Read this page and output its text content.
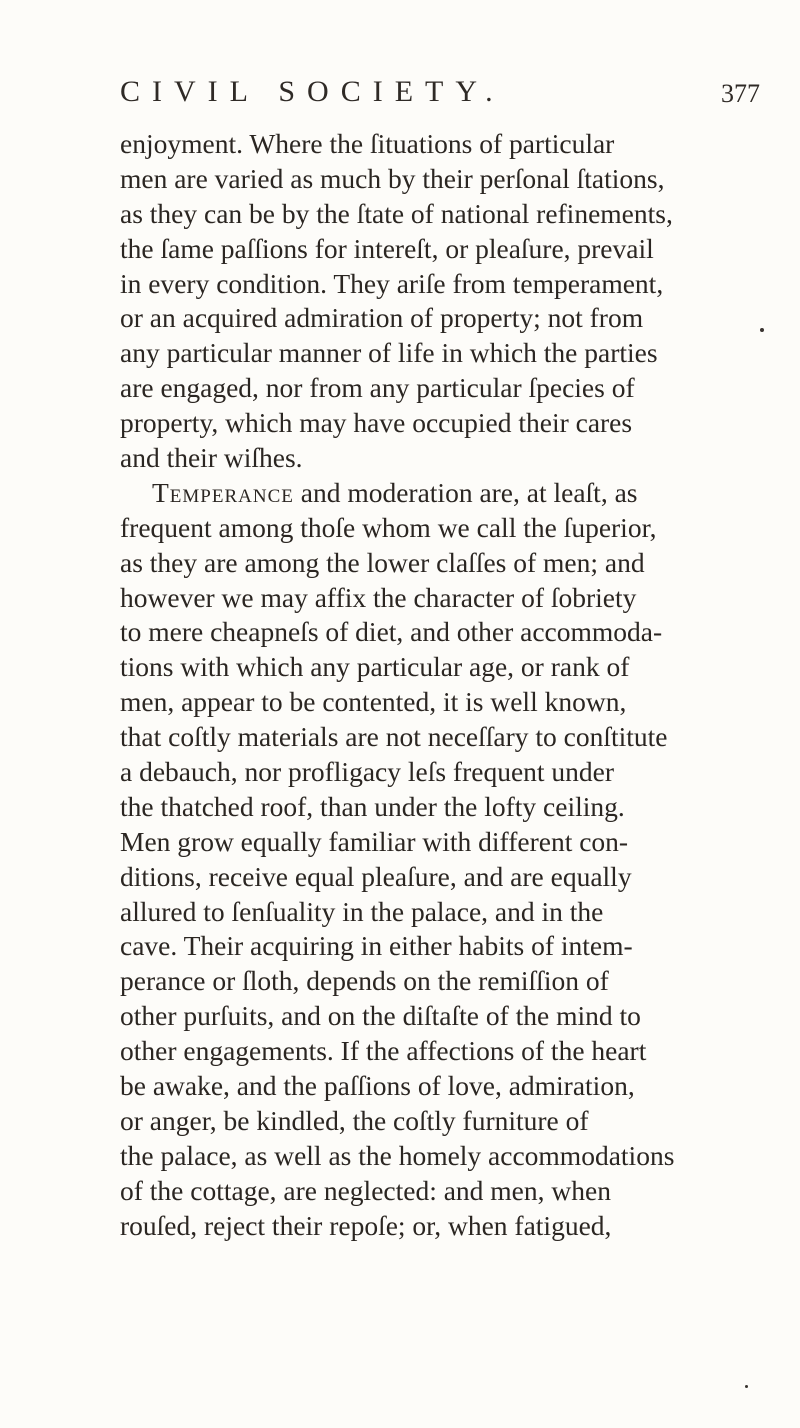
CIVIL SOCIETY.	377
enjoyment. Where the ſituations of particular
men are varied as much by their perſonal ſtations,
as they can be by the ſtate of national refinements,
the ſame paſſions for intereſt, or pleaſure, prevail
in every condition. They ariſe from temperament,
or an acquired admiration of property; not from
any particular manner of life in which the parties
are engaged, nor from any particular ſpecies of
property, which may have occupied their cares
and their wiſhes.
Temperance and moderation are, at leaſt, as
frequent among thoſe whom we call the ſuperior,
as they are among the lower claſſes of men; and
however we may affix the character of ſobriety
to mere cheapneſs of diet, and other accommoda-
tions with which any particular age, or rank of
men, appear to be contented, it is well known,
that coſtly materials are not neceſſary to conſtitute
a debauch, nor profligacy leſs frequent under
the thatched roof, than under the lofty ceiling.
Men grow equally familiar with different con-
ditions, receive equal pleaſure, and are equally
allured to ſenſuality in the palace, and in the
cave. Their acquiring in either habits of intem-
perance or ſloth, depends on the remiſſion of
other purſuits, and on the diſtaſte of the mind to
other engagements. If the affections of the heart
be awake, and the paſſions of love, admiration,
or anger, be kindled, the coſtly furniture of
the palace, as well as the homely accommodations
of the cottage, are neglected: and men, when
rouſed, reject their repoſe; or, when fatigued,
